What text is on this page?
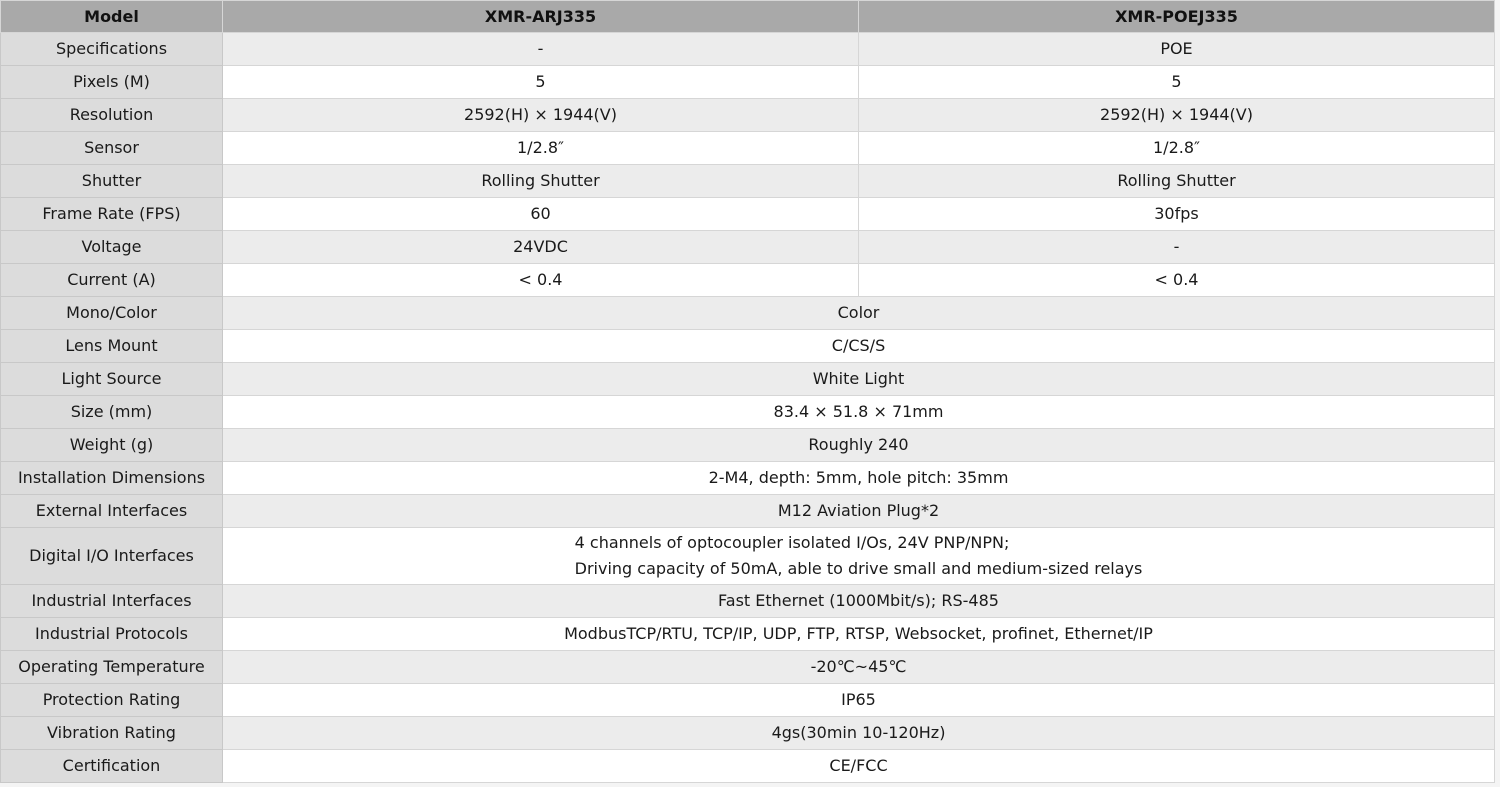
Model	XMR-ARJ335	XMR-POEJ335
Specifications	-	POE
Pixels (M)	5	5
Resolution	2592(H) × 1944(V)	2592(H) × 1944(V)
Sensor	1/2.8″	1/2.8″
Shutter	Rolling Shutter	Rolling Shutter
Frame Rate (FPS)	60	30fps
Voltage	24VDC	-
Current (A)	< 0.4	< 0.4
Mono/Color	Color	
Lens Mount	C/CS/S	
Light Source	White Light	
Size (mm)	83.4 × 51.8 × 71mm	
Weight (g)	Roughly 240	
Installation Dimensions	2-M4, depth: 5mm, hole pitch: 35mm	
External Interfaces	M12 Aviation Plug*2	
Digital I/O Interfaces	4 channels of optocoupler isolated I/Os, 24V PNP/NPN;
Driving capacity of 50mA, able to drive small and medium-sized relays	
Industrial Interfaces	Fast Ethernet (1000Mbit/s); RS-485	
Industrial Protocols	ModbusTCP/RTU, TCP/IP, UDP, FTP, RTSP, Websocket, profinet, Ethernet/IP	
Operating Temperature	-20℃~45℃	
Protection Rating	IP65	
Vibration Rating	4gs(30min 10-120Hz)	
Certification	CE/FCC	
